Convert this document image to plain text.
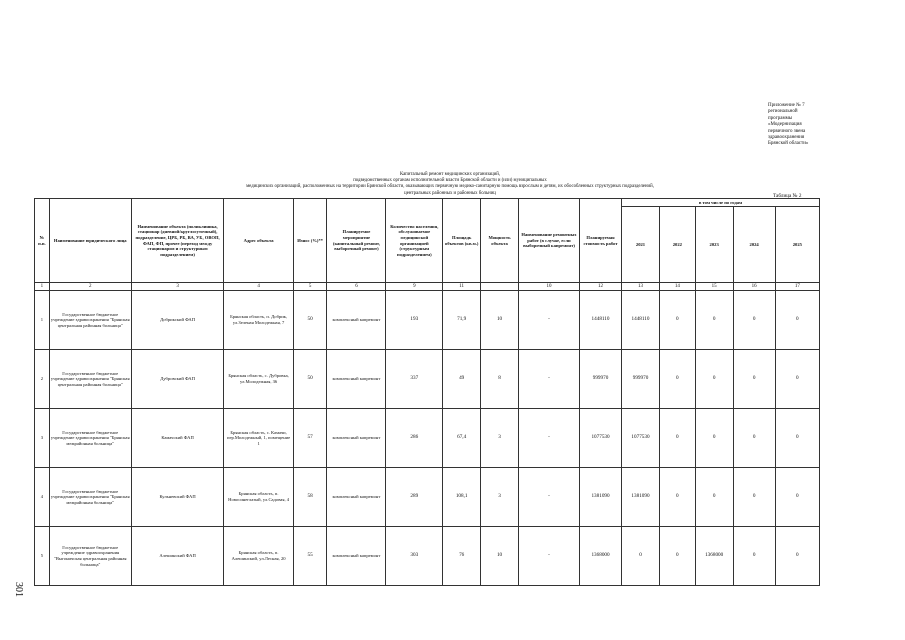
Приложение № 7
региональной
программы
«Модернизация
первичного звена
здравоохранения
Брянской области»
Капитальный ремонт медицинских организаций,
подведомственных органам исполнительной власти Брянской области и (или) муниципальных
медицинских организаций, расположенных на территории Брянской области, оказывающих первичную медико-санитарную помощь взрослым и детям, их обособленных структурных подразделений,
центральных районных и районных больниц	Таблица № 2
№ п.п.	Наименование юридического лица	Наименование объекта (поликлиника, стационар (дневной/круглосуточный), подразделение, ЦРБ, РБ, ВА, УБ, ОВОП, ФАП, ФП, прочее (переход между стационаром и структурным подразделением)	Адрес объекта	Износ (%)**	Планируемое мероприятие (капитальный ремонт, выборочный ремонт)	Количество населения, обслуживаемое медицинской организацией (структурным подразделением)	Площадь объектов (кв.м.)	Мощность объекта	Наименование ремонтных работ (в случае, если выборочный капремонт)	Планируемая стоимость работ	в том числе по годам				
											2021	2022	2023	2024	2025
1	2	3	4	5	6	9	11		10	12	13	14	15	16	17
1	Государственное бюджетное учреждение здравоохранения "Брянская центральная районная больница"	Добрикский ФАП	Брянская область, п. Добрик, ул.Зеленая Молодежная, 7	50	комплексный капремонт	193	71,9	10	-	1448110	1448110	0	0	0	0
2	Государственное бюджетное учреждение здравоохранения "Брянская центральная районная больница"	Дубровский ФАП	Брянская область, с. Дубровка, ул.Молодежная, 36	50	комплексный капремонт	337	49	8	-	999970	999970	0	0	0	0
3	Государственное бюджетное учреждение здравоохранения "Брянская межрайонная больница"	Камачский ФАП	Брянская область, с. Камачи, пер.Молодежный, 1, помещение 1	57	комплексный капремонт	286	67,4	3	-	1077530	1077530	0	0	0	0
4	Государственное бюджетное учреждение здравоохранения "Брянская межрайонная больница"	Кульневский ФАП	Брянская область, п. Новосинеглазый, ул.Садовая, 4	58	комплексный капремонт	289	108,1	3	-	1381090	1381090	0	0	0	0
5	Государственное бюджетное учреждение здравоохранения "Выгоничская центральная районная больница"	Алешинский ФАП	Брянская область, п. Алешинский, ул.Лесная, 20	55	комплексный капремонт	303	76	10	-	1368000	0	0	1368000	0	0
301
